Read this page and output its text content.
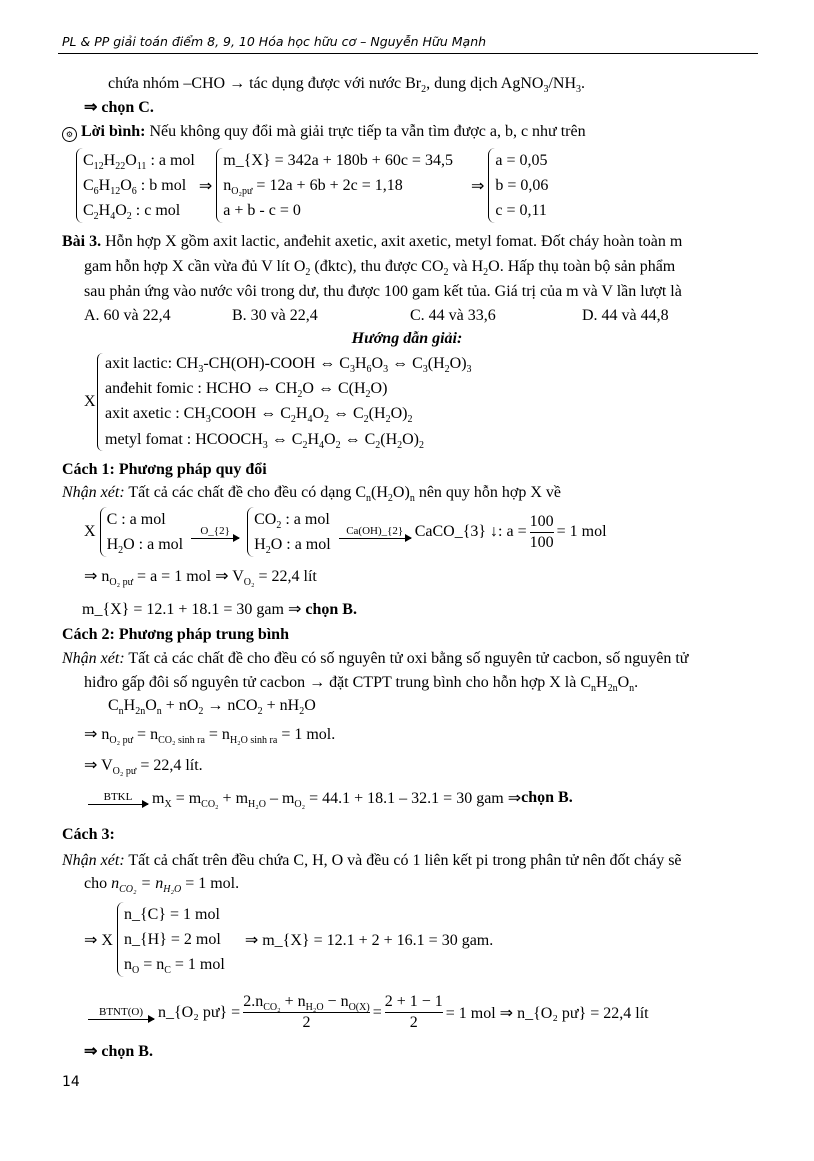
PL & PP giải toán điểm 8, 9, 10 Hóa học hữu cơ – Nguyễn Hữu Mạnh
chứa nhóm –CHO → tác dụng được với nước $Br_2$, dung dịch $AgNO_3/NH_3$.
⇒ chọn C.
⚙ Lời bình: Nếu không quy đổi mà giải trực tiếp ta vẫn tìm được a, b, c như trên
$C_{12}H_{22}O_{11}$ : a mol
$C_6H_{12}O_6$ : b mol
$C_2H_4O_2$ : c mol
⇒
m_{X} = 342a + 180b + 60c = 34,5
$n_{O_2pư} = 12a + 6b + 2c = 1,18$
a + b - c = 0
⇒
a = 0,05
b = 0,06
c = 0,11
Bài 3. Hỗn hợp X gồm axit lactic, anđehit axetic, axit axetic, metyl fomat. Đốt cháy hoàn toàn m
gam hỗn hợp X cần vừa đủ V lít $O_2$ (đktc), thu được $CO_2$ và $H_2O$. Hấp thụ toàn bộ sản phẩm
sau phản ứng vào nước vôi trong dư, thu được 100 gam kết tủa. Giá trị của m và V lần lượt là
A. 60 và 22,4	B. 30 và 22,4	C. 44 và 33,6	D. 44 và 44,8
Hướng dẫn giải:
X
axit lactic: $CH_3-CH(OH)$-COOH ⇔ $C_3H_6O_3$ ⇔ $C_3(H_2O)_3$
anđehit fomic : HCHO ⇔ $CH_2O$ ⇔ $C(H_2O)$
axit axetic : $CH_3COOH$ ⇔ $C_2H_4O_2$ ⇔ $C_2(H_2O)_2$
metyl fomat : $HCOOCH_3$ ⇔ $C_2H_4O_2$ ⇔ $C_2(H_2O)_2$
Cách 1: Phương pháp quy đổi
Nhận xét: Tất cả các chất đề cho đều có dạng $C_n(H_2O)_n$ nên quy hỗn hợp X về
X
C : a mol
$H_2O$ : a mol
O_{2}
$CO_2$ : a mol
$H_2O$ : a mol
Ca(OH)_{2} CaCO_{3} ↓: $a = \frac{100}{100} = 1$ mol
⇒ $n_{O_2 pư} = a = 1$ mol ⇒ $V_{O_2} = 22,4$ lít
m_{X} = 12.1 + 18.1 = 30 gam ⇒ chọn B.
Cách 2: Phương pháp trung bình
Nhận xét: Tất cả các chất đề cho đều có số nguyên tử oxi bằng số nguyên tử cacbon, số nguyên tử
hiđro gấp đôi số nguyên tử cacbon → đặt CTPT trung bình cho hỗn hợp X là $C_nH_{2n}O_n$.
$C_nH_{2n}O_n + nO_2 \to nCO_2 + nH_2O$
⇒ $n_{O_2 pư} = n_{CO_2 sinh ra} = n_{H_2O sinh ra} = 1$ mol.
⇒ $V_{O_2 pư} = 22,4$ lít.
BTKL $m_X = m_{CO_2} + m_{H_2O} - m_{O_2} = 44.1 + 18.1 - 32.1 = 30$ gam ⇒ chọn B.
Cách 3:
Nhận xét: Tất cả chất trên đều chứa C, H, O và đều có 1 liên kết pi trong phân tử nên đốt cháy sẽ
cho $n_{CO_2} = n_{H_2O} = 1$ mol.
⇒ X
n_{C} = 1 mol
n_{H} = 2 mol
$n_O = n_C = 1$ mol
⇒ m_{X} = 12.1 + 2 + 16.1 = 30 gam.
BTNT(O) n_{O₂ pư} = $\frac{2.n_{CO_2} + n_{H_2O} - n_{O(X)}}{2} = \frac{2 + 1 - 1}{2} = 1$ mol ⇒ n_{O₂ pư} = 22,4 lít
⇒ chọn B.
14
